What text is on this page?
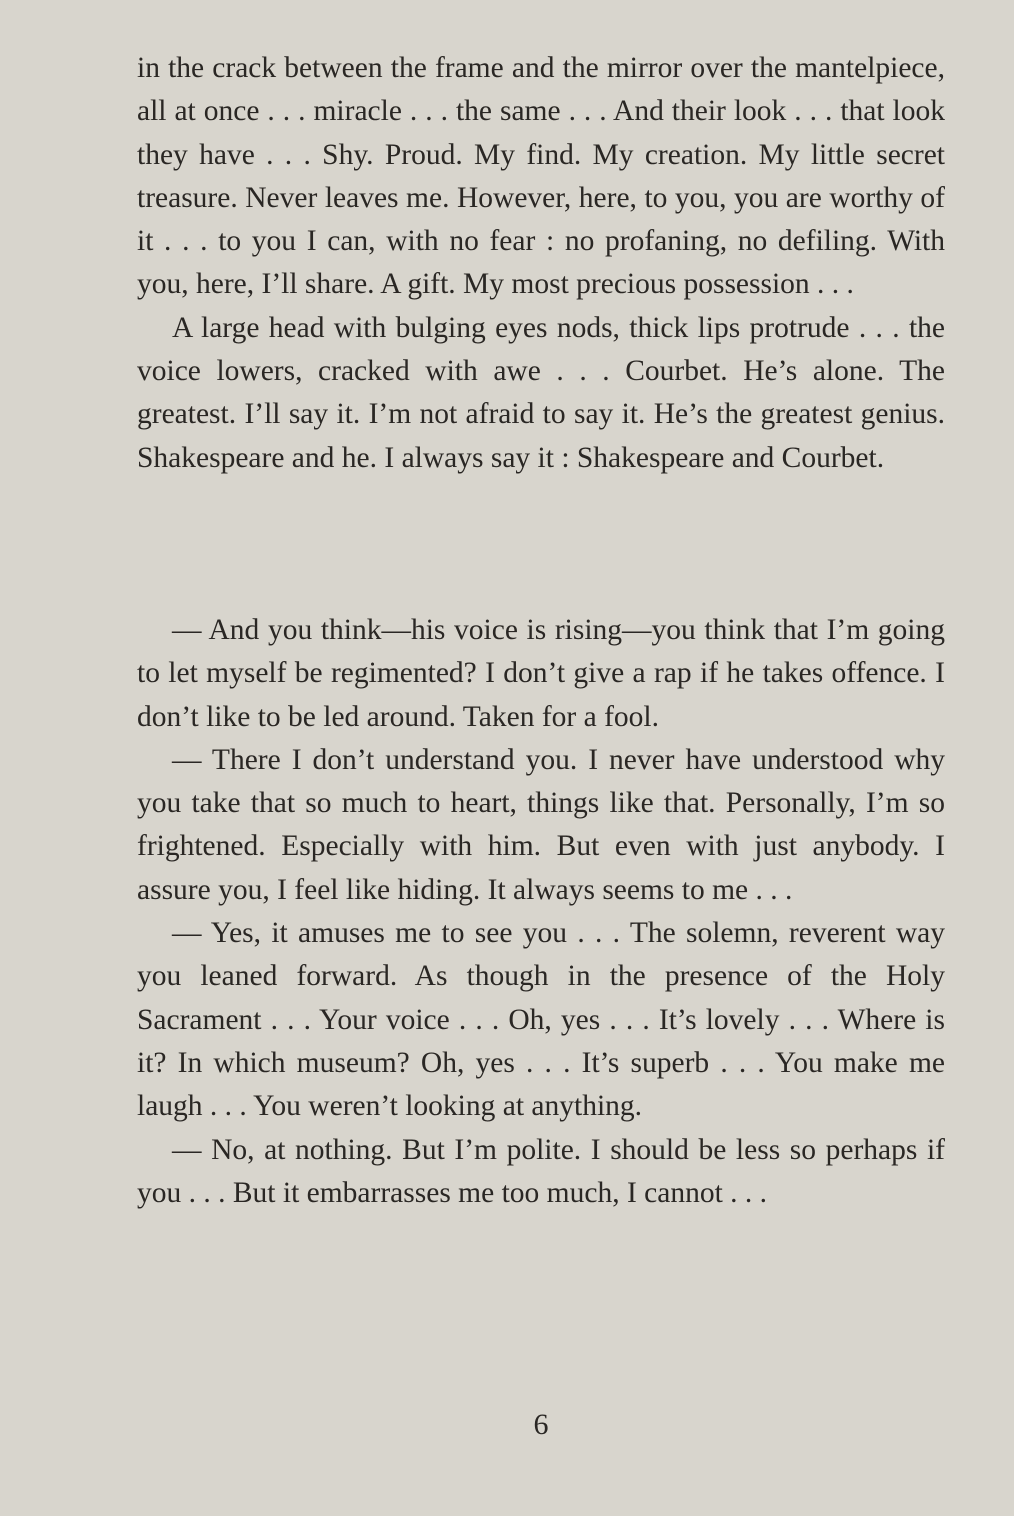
in the crack between the frame and the mirror over the mantelpiece, all at once . . . miracle . . . the same . . . And their look . . . that look they have . . . Shy. Proud. My find. My creation. My little secret treasure. Never leaves me. However, here, to you, you are worthy of it . . . to you I can, with no fear : no profaning, no defiling. With you, here, I’ll share. A gift. My most precious possession . . .

A large head with bulging eyes nods, thick lips protrude . . . the voice lowers, cracked with awe . . . Courbet. He’s alone. The greatest. I’ll say it. I’m not afraid to say it. He’s the greatest genius. Shakespeare and he. I always say it : Shakespeare and Courbet.

— And you think—his voice is rising—you think that I’m going to let myself be regimented? I don’t give a rap if he takes offence. I don’t like to be led around. Taken for a fool.

— There I don’t understand you. I never have understood why you take that so much to heart, things like that. Personally, I’m so frightened. Especially with him. But even with just anybody. I assure you, I feel like hiding. It always seems to me . . .

— Yes, it amuses me to see you . . . The solemn, reverent way you leaned forward. As though in the presence of the Holy Sacrament . . . Your voice . . . Oh, yes . . . It’s lovely . . . Where is it? In which museum? Oh, yes . . . It’s superb . . . You make me laugh . . . You weren’t looking at anything.

— No, at nothing. But I’m polite. I should be less so perhaps if you . . . But it embarrasses me too much, I cannot . . .

6
